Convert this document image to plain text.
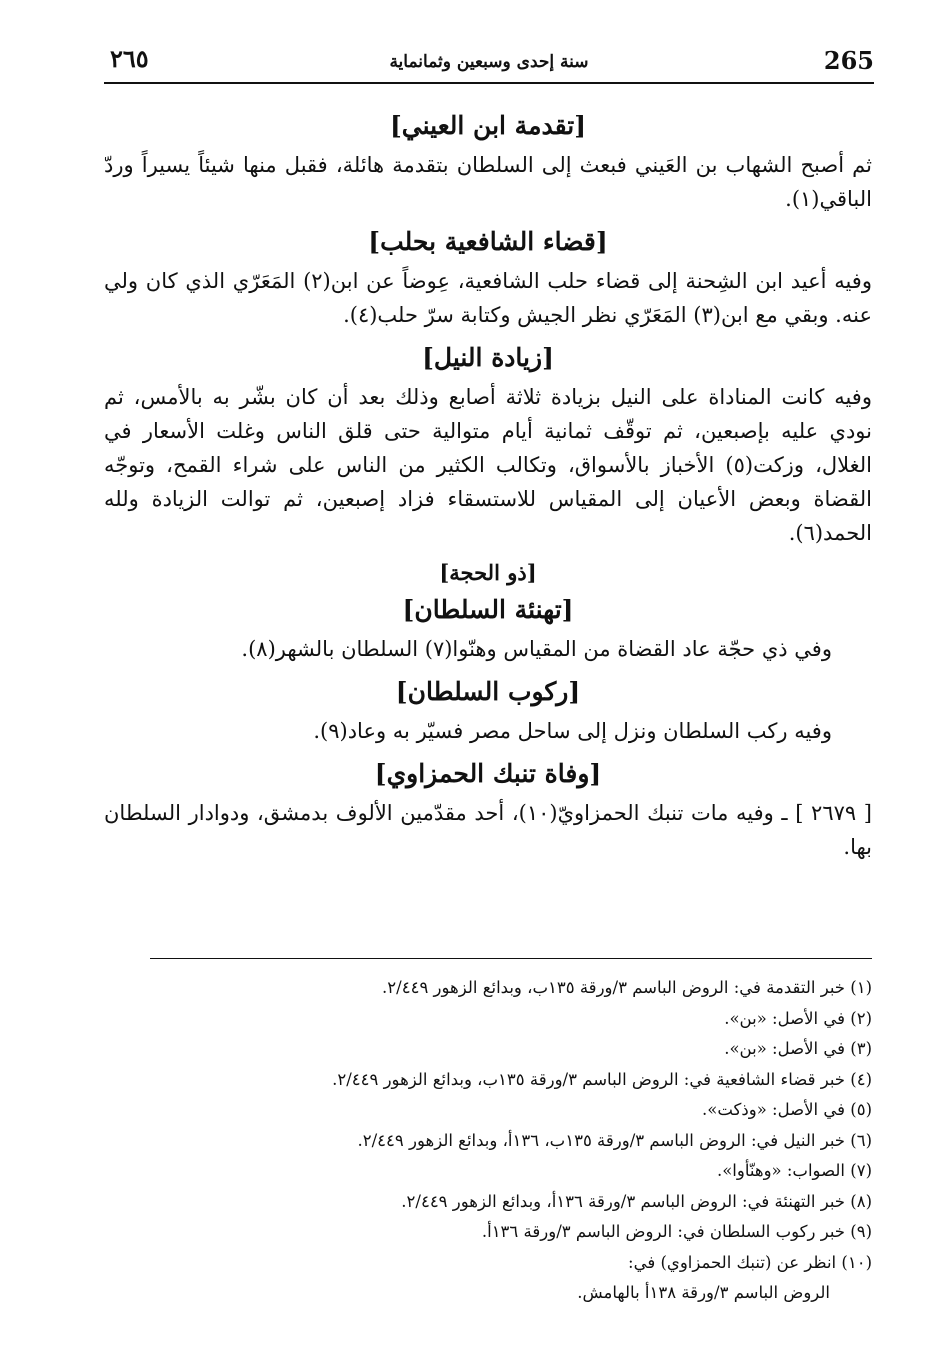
265
سنة إحدى وسبعين وثمانماية
٢٦٥
[تقدمة ابن العيني]

ثم أصبح الشهاب بن العَيني فبعث إلى السلطان بتقدمة هائلة، فقبل منها شيئاً يسيراً وردّ الباقي(١).

[قضاء الشافعية بحلب]

وفيه أعيد ابن الشِحنة إلى قضاء حلب الشافعية، عِوضاً عن ابن(٢) المَعَرّي الذي كان ولي عنه. وبقي مع ابن(٣) المَعَرّي نظر الجيش وكتابة سرّ حلب(٤).

[زيادة النيل]

وفيه كانت المناداة على النيل بزيادة ثلاثة أصابع وذلك بعد أن كان بشّر به بالأمس، ثم نودي عليه بإصبعين، ثم توقّف ثمانية أيام متوالية حتى قلق الناس وغلت الأسعار في الغلال، وزكت(٥) الأخباز بالأسواق، وتكالب الكثير من الناس على شراء القمح، وتوجّه القضاة وبعض الأعيان إلى المقياس للاستسقاء فزاد إصبعين، ثم توالت الزيادة ولله الحمد(٦).

[ذو الحجة]
[تهنئة السلطان]

وفي ذي حجّة عاد القضاة من المقياس وهنّوا(٧) السلطان بالشهر(٨).

[ركوب السلطان]

وفيه ركب السلطان ونزل إلى ساحل مصر فسيّر به وعاد(٩).

[وفاة تنبك الحمزاوي]

[ ٢٦٧٩ ] ـ وفيه مات تنبك الحمزاويّ(١٠)، أحد مقدّمين الألوف بدمشق، ودوادار السلطان بها.

(١) خبر التقدمة في: الروض الباسم ٣/ورقة ١٣٥ب، وبدائع الزهور ٢/٤٤٩.

(٢) في الأصل: «بن».

(٣) في الأصل: «بن».

(٤) خبر قضاء الشافعية في: الروض الباسم ٣/ورقة ١٣٥ب، وبدائع الزهور ٢/٤٤٩.

(٥) في الأصل: «وذكت».

(٦) خبر النيل في: الروض الباسم ٣/ورقة ١٣٥ب، ١٣٦أ، وبدائع الزهور ٢/٤٤٩.

(٧) الصواب: «وهنّأوا».

(٨) خبر التهنئة في: الروض الباسم ٣/ورقة ١٣٦أ، وبدائع الزهور ٢/٤٤٩.

(٩) خبر ركوب السلطان في: الروض الباسم ٣/ورقة ١٣٦أ.

(١٠) انظر عن (تنبك الحمزاوي) في:

الروض الباسم ٣/ورقة ١٣٨أ بالهامش.
